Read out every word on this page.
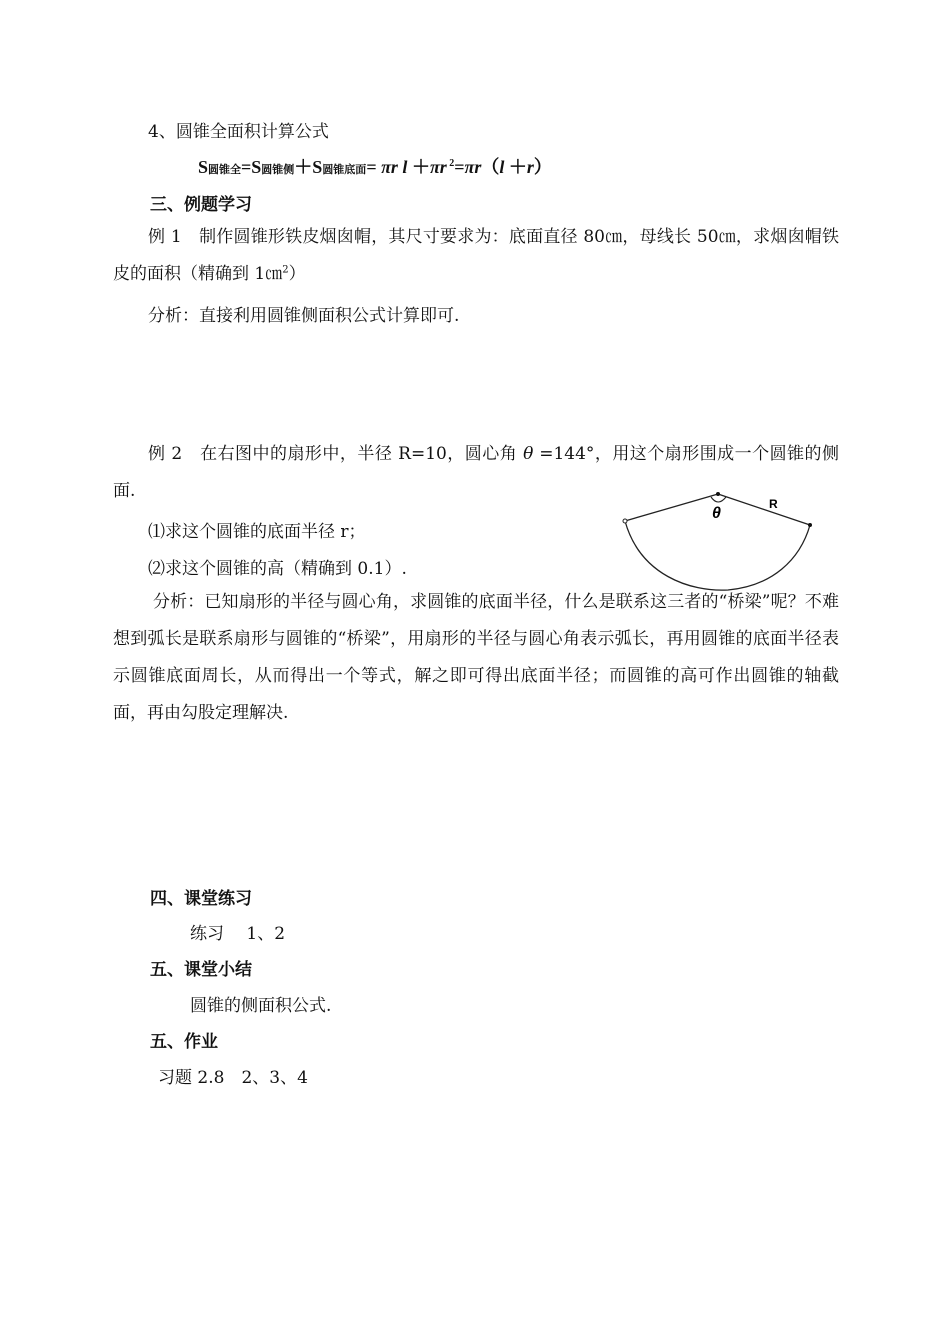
4、圆锥全面积计算公式
S圆锥全=S圆锥侧＋S圆锥底面= πr l ＋πr $^2$=πr（l ＋r）
三、例题学习
例 1　制作圆锥形铁皮烟囱帽，其尺寸要求为：底面直径 80㎝，母线长 50㎝，求烟囱帽铁皮的面积（精确到 1㎝$^2$）
分析：直接利用圆锥侧面积公式计算即可.
例 2　在右图中的扇形中，半径 R=10，圆心角 θ =144°，用这个扇形围成一个圆锥的侧面.
⑴求这个圆锥的底面半径 r；
⑵求这个圆锥的高（精确到 0.1）.
θ
R
分析：已知扇形的半径与圆心角，求圆锥的底面半径，什么是联系这三者的“桥梁”呢？不难想到弧长是联系扇形与圆锥的“桥梁”，用扇形的半径与圆心角表示弧长，再用圆锥的底面半径表示圆锥底面周长，从而得出一个等式，解之即可得出底面半径；而圆锥的高可作出圆锥的轴截面，再由勾股定理解决.
四、课堂练习
练习　 1、2
五、课堂小结
圆锥的侧面积公式.
五、作业
习题 2.8　2、3、4
